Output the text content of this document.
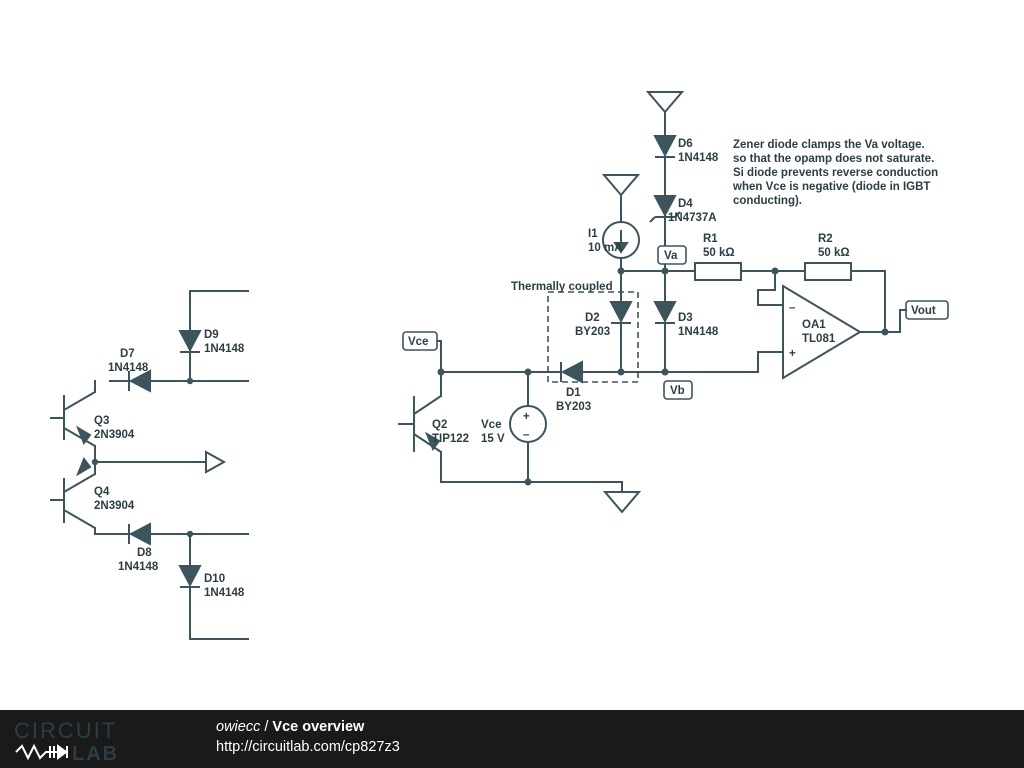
D9
1N4148
D7
1N4148
Q3
2N3904
Q4
2N3904
D8
1N4148
D10
1N4148
–
+
OA1
TL081
+
–
Vce
Va
Vb
Vout
D6
1N4148
D4
1N4737A
I1
10 mA
R1
50 kΩ
R2
50 kΩ
D2
BY203
D3
1N4148
D1
BY203
Q2
TIP122
Vce
15 V
Thermally coupled
Zener diode clamps the Va voltage.
so that the opamp does not saturate.
Si diode prevents reverse conduction
when Vce is negative (diode in IGBT
conducting).
CIRCUIT
LAB
owiecc / Vce overview
http://circuitlab.com/cp827z3
